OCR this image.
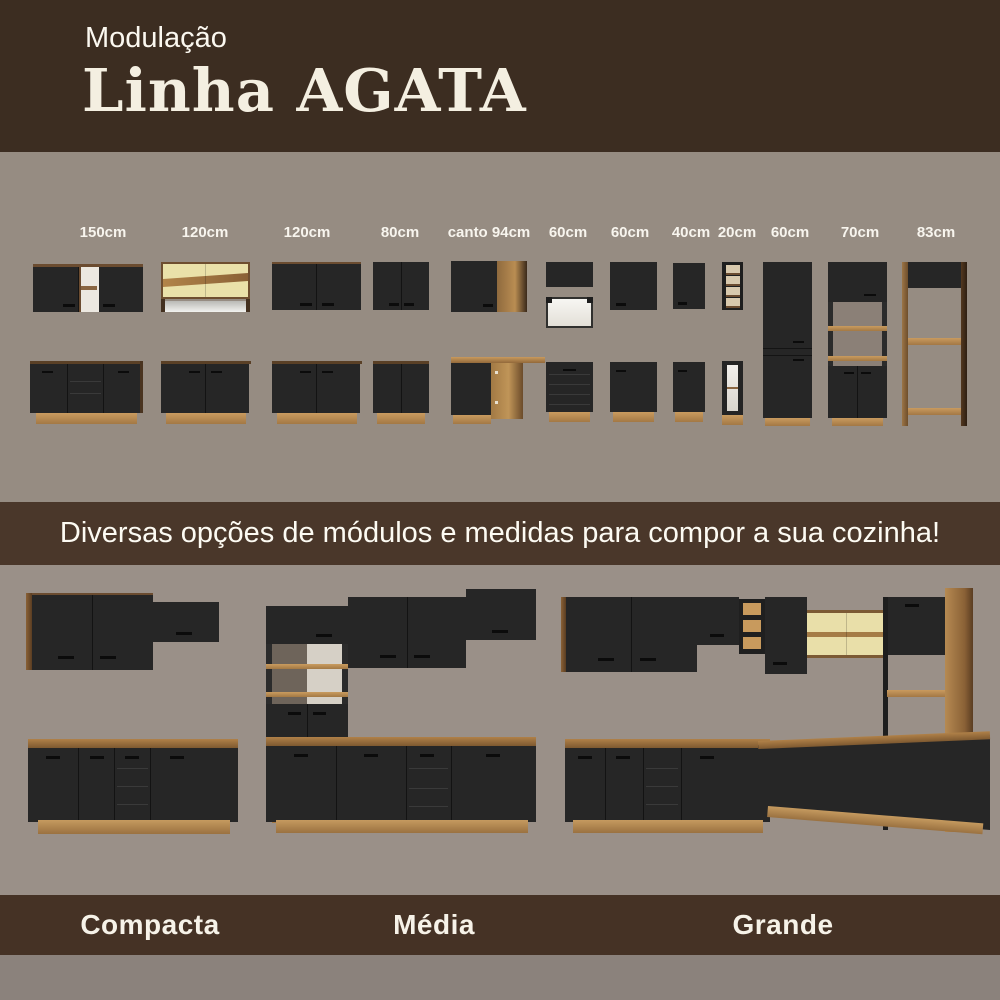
Modulação
Linha AGATA
150cm	120cm	120cm	80cm	canto 94cm	60cm	60cm	40cm 20cm 60cm	70cm	83cm
Diversas opções de módulos e medidas para compor a sua cozinha!
Compacta	Média	Grande
